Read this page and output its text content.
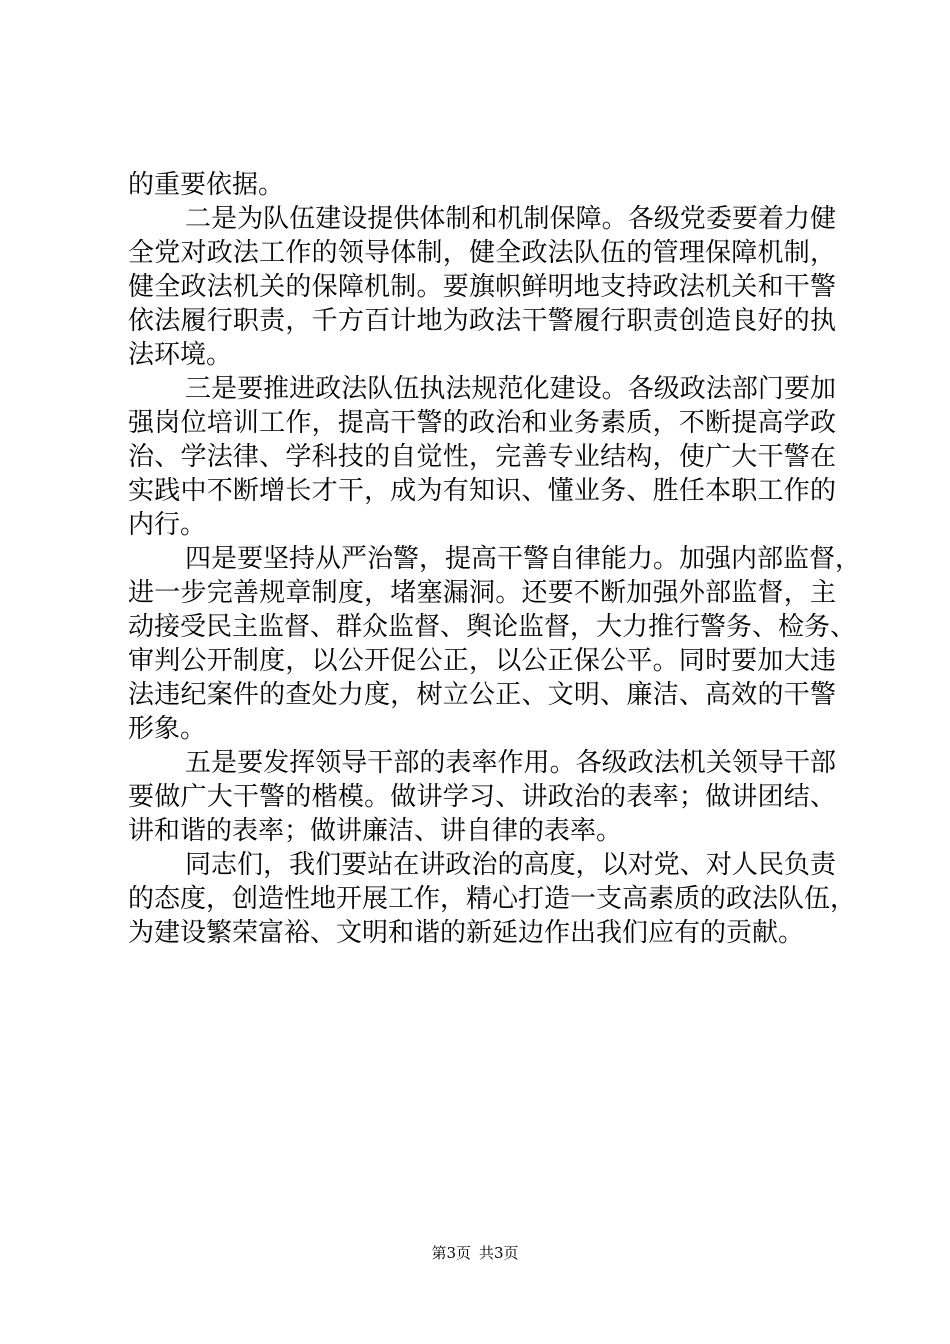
的重要依据。
二是为队伍建设提供体制和机制保障。各级党委要着力健
全党对政法工作的领导体制，健全政法队伍的管理保障机制，
健全政法机关的保障机制。要旗帜鲜明地支持政法机关和干警
依法履行职责，千方百计地为政法干警履行职责创造良好的执
法环境。
三是要推进政法队伍执法规范化建设。各级政法部门要加
强岗位培训工作，提高干警的政治和业务素质，不断提高学政
治、学法律、学科技的自觉性，完善专业结构，使广大干警在
实践中不断增长才干，成为有知识、懂业务、胜任本职工作的
内行。
四是要坚持从严治警，提高干警自律能力。加强内部监督，
进一步完善规章制度，堵塞漏洞。还要不断加强外部监督，主
动接受民主监督、群众监督、舆论监督，大力推行警务、检务、
审判公开制度，以公开促公正，以公正保公平。同时要加大违
法违纪案件的查处力度，树立公正、文明、廉洁、高效的干警
形象。
五是要发挥领导干部的表率作用。各级政法机关领导干部
要做广大干警的楷模。做讲学习、讲政治的表率；做讲团结、
讲和谐的表率；做讲廉洁、讲自律的表率。
同志们，我们要站在讲政治的高度，以对党、对人民负责
的态度，创造性地开展工作，精心打造一支高素质的政法队伍，
为建设繁荣富裕、文明和谐的新延边作出我们应有的贡献。
第3页 共3页
